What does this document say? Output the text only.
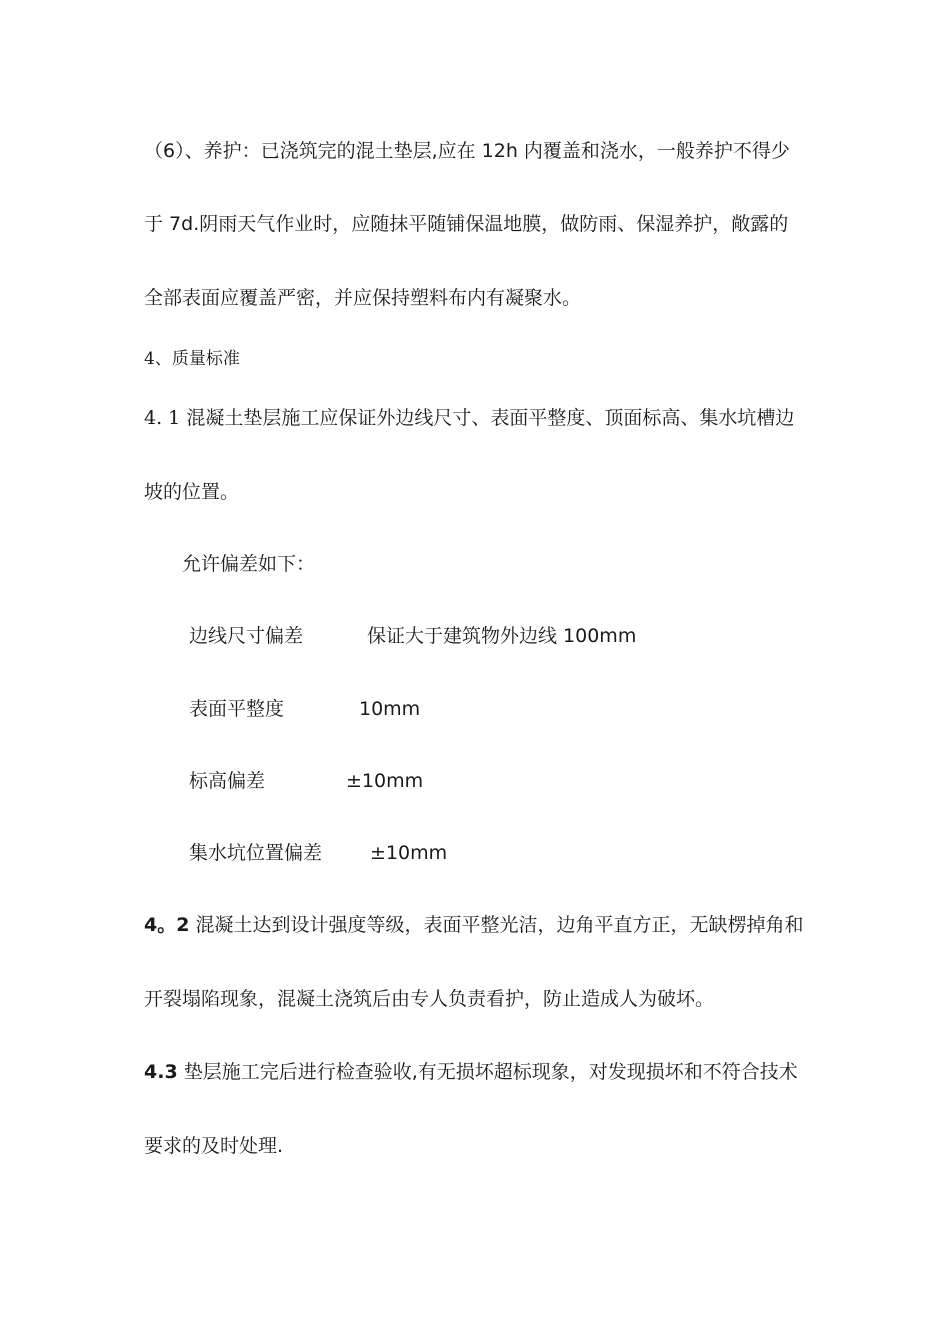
（6）、养护：已浇筑完的混土垫层,应在 12h 内覆盖和浇水，一般养护不得少
于 7d.阴雨天气作业时，应随抹平随铺保温地膜，做防雨、保湿养护，敞露的
全部表面应覆盖严密，并应保持塑料布内有凝聚水。
4、质量标准
4. 1 混凝土垫层施工应保证外边线尺寸、表面平整度、顶面标高、集水坑槽边
坡的位置。
允许偏差如下：
边线尺寸偏差	保证大于建筑物外边线 100mm
表面平整度	10mm
标高偏差	±10mm
集水坑位置偏差	±10mm
4。2 混凝土达到设计强度等级，表面平整光洁，边角平直方正，无缺楞掉角和
开裂塌陷现象，混凝土浇筑后由专人负责看护，防止造成人为破坏。
4.3 垫层施工完后进行检查验收,有无损坏超标现象，对发现损坏和不符合技术
要求的及时处理.
